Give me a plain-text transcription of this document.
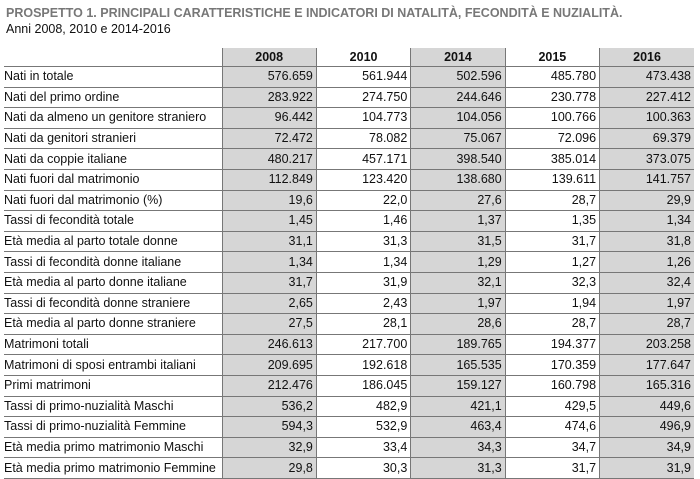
PROSPETTO 1. PRINCIPALI CARATTERISTICHE E INDICATORI DI NATALITÀ, FECONDITÀ E NUZIALITÀ.
Anni 2008, 2010 e 2014-2016
	2008	2010	2014	2015	2016
Nati in totale	576.659	561.944	502.596	485.780	473.438
Nati del primo ordine	283.922	274.750	244.646	230.778	227.412
Nati da almeno un genitore straniero	96.442	104.773	104.056	100.766	100.363
Nati da genitori stranieri	72.472	78.082	75.067	72.096	69.379
Nati da coppie italiane	480.217	457.171	398.540	385.014	373.075
Nati fuori dal matrimonio	112.849	123.420	138.680	139.611	141.757
Nati fuori dal matrimonio (%)	19,6	22,0	27,6	28,7	29,9
Tassi di fecondità totale	1,45	1,46	1,37	1,35	1,34
Età media al parto totale donne	31,1	31,3	31,5	31,7	31,8
Tassi di fecondità donne italiane	1,34	1,34	1,29	1,27	1,26
Età media al parto donne italiane	31,7	31,9	32,1	32,3	32,4
Tassi di fecondità donne straniere	2,65	2,43	1,97	1,94	1,97
Età media al parto donne straniere	27,5	28,1	28,6	28,7	28,7
Matrimoni totali	246.613	217.700	189.765	194.377	203.258
Matrimoni di sposi entrambi italiani	209.695	192.618	165.535	170.359	177.647
Primi matrimoni	212.476	186.045	159.127	160.798	165.316
Tassi di primo-nuzialità Maschi	536,2	482,9	421,1	429,5	449,6
Tassi di primo-nuzialità Femmine	594,3	532,9	463,4	474,6	496,9
Età media primo matrimonio Maschi	32,9	33,4	34,3	34,7	34,9
Età media primo matrimonio Femmine	29,8	30,3	31,3	31,7	31,9
